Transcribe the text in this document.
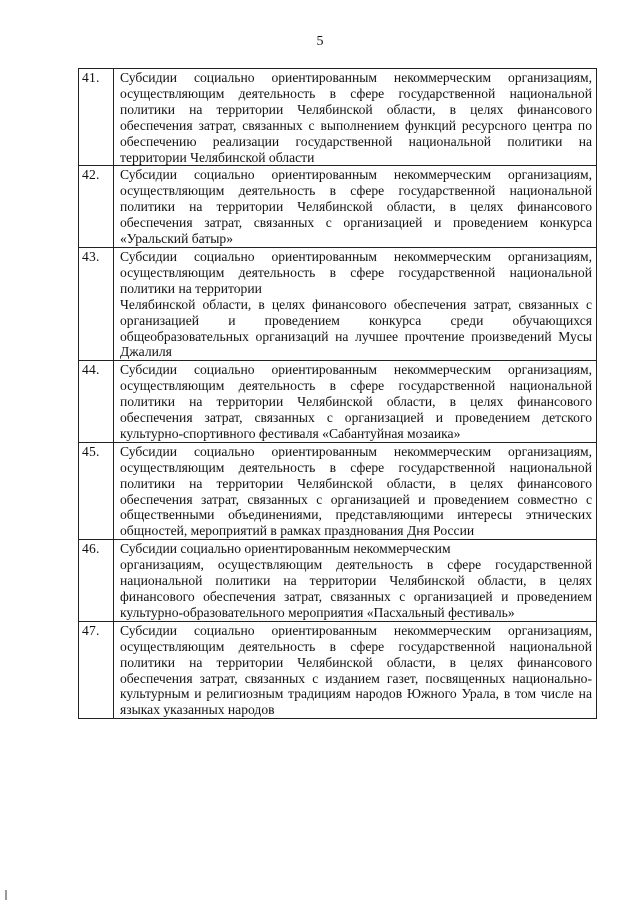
5
41.	Субсидии социально ориентированным некоммерческим организациям, осуществляющим деятельность в сфере государственной национальной политики на территории Челябинской области, в целях финансового обеспечения затрат, связанных с выполнением функций ресурсного центра по обеспечению реализации государственной национальной политики на территории Челябинской области
42.	Субсидии социально ориентированным некоммерческим организациям, осуществляющим деятельность в сфере государственной национальной политики на территории Челябинской области, в целях финансового обеспечения затрат, связанных с организацией и проведением конкурса «Уральский батыр»
43.	Субсидии социально ориентированным некоммерческим организациям, осуществляющим деятельность в сфере государственной национальной политики на территории
Челябинской области, в целях финансового обеспечения затрат, связанных с организацией и проведением конкурса среди обучающихся общеобразовательных организаций на лучшее прочтение произведений Мусы Джалиля
44.	Субсидии социально ориентированным некоммерческим организациям, осуществляющим деятельность в сфере государственной национальной политики на территории Челябинской области, в целях финансового обеспечения затрат, связанных с организацией и проведением детского культурно-спортивного фестиваля «Сабантуйная мозаика»
45.	Субсидии социально ориентированным некоммерческим организациям, осуществляющим деятельность в сфере государственной национальной политики на территории Челябинской области, в целях финансового обеспечения затрат, связанных с организацией и проведением совместно с общественными объединениями, представляющими интересы этнических общностей, мероприятий в рамках празднования Дня России
46.	Субсидии социально ориентированным некоммерческим
организациям, осуществляющим деятельность в сфере государственной национальной политики на территории Челябинской области, в целях финансового обеспечения затрат, связанных с организацией и проведением культурно-образовательного мероприятия «Пасхальный фестиваль»
47.	Субсидии социально ориентированным некоммерческим организациям, осуществляющим деятельность в сфере государственной национальной политики на территории Челябинской области, в целях финансового обеспечения затрат, связанных с изданием газет, посвященных национально-культурным и религиозным традициям народов Южного Урала, в том числе на языках указанных народов
